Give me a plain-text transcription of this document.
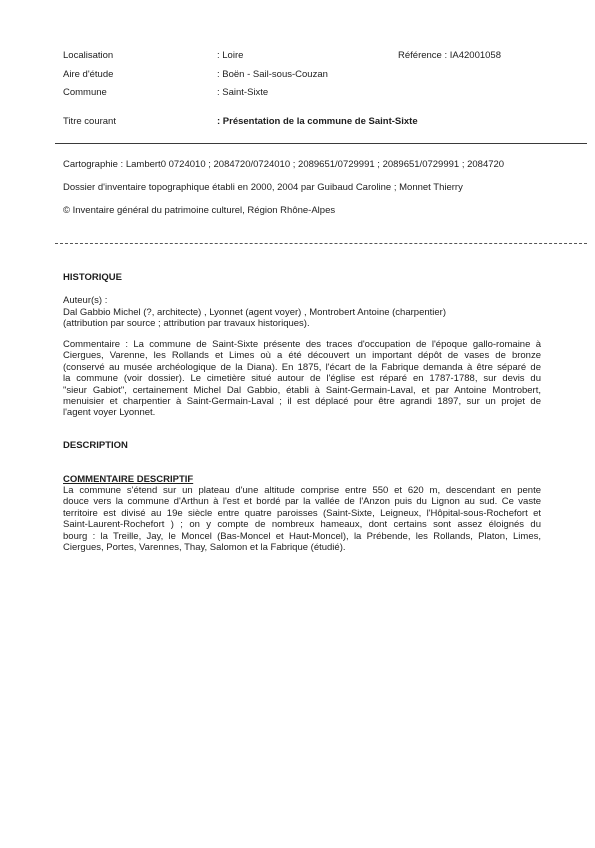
Localisation	: Loire	Référence : IA42001058
Aire d'étude	: Boën - Sail-sous-Couzan
Commune	: Saint-Sixte
Titre courant	: Présentation de la commune de Saint-Sixte
Cartographie : Lambert0 0724010 ; 2084720/0724010 ; 2089651/0729991 ; 2089651/0729991 ; 2084720
Dossier d'inventaire topographique établi en 2000, 2004 par Guibaud Caroline ; Monnet Thierry
© Inventaire général du patrimoine culturel, Région Rhône-Alpes
HISTORIQUE
Auteur(s) :
Dal Gabbio Michel (?, architecte) , Lyonnet (agent voyer) , Montrobert Antoine (charpentier)
(attribution par source ; attribution par travaux historiques).
Commentaire : La commune de Saint-Sixte présente des traces d'occupation de l'époque gallo-romaine à
Ciergues, Varenne, les Rollands et Limes où a été découvert un important dépôt de vases de bronze
(conservé au musée archéologique de la Diana). En 1875, l'écart de la Fabrique demanda à être séparé de
la commune (voir dossier). Le cimetière situé autour de l'église est réparé en 1787-1788, sur devis du
"sieur Gabiot", certainement Michel Dal Gabbio, établi à Saint-Germain-Laval, et par Antoine Montrobert,
menuisier et charpentier à Saint-Germain-Laval ; il est déplacé pour être agrandi 1897, sur un projet de
l'agent voyer Lyonnet.
DESCRIPTION
COMMENTAIRE DESCRIPTIF
La commune s'étend sur un plateau d'une altitude comprise entre 550 et 620 m, descendant en pente
douce vers la commune d'Arthun à l'est et bordé par la vallée de l'Anzon puis du Lignon au sud. Ce vaste
territoire est divisé au 19e siècle entre quatre paroisses (Saint-Sixte, Leigneux, l'Hôpital-sous-Rochefort et
Saint-Laurent-Rochefort ) ; on y compte de nombreux hameaux, dont certains sont assez éloignés du
bourg : la Treille, Jay, le Moncel (Bas-Moncel et Haut-Moncel), la Prébende, les Rollands, Platon, Limes,
Ciergues, Portes, Varennes, Thay, Salomon et la Fabrique (étudié).
